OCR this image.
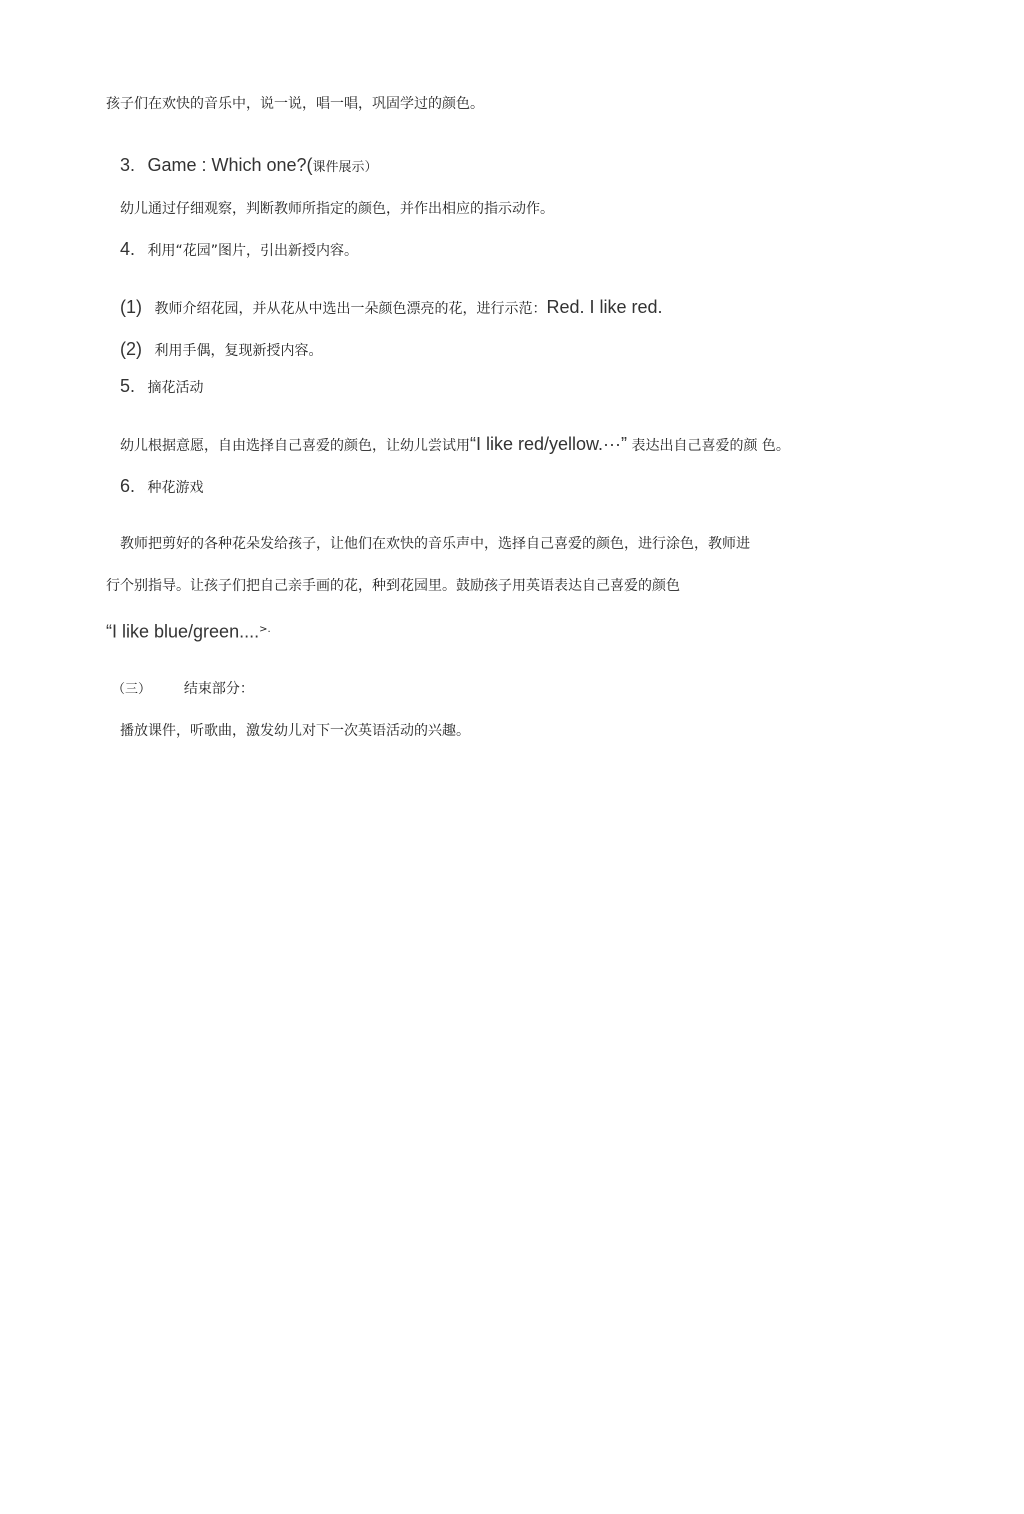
孩子们在欢快的音乐中，说一说，唱一唱，巩固学过的颜色。
3. Game : Which one?(课件展示）
幼儿通过仔细观察，判断教师所指定的颜色，并作出相应的指示动作。
4. 利用“花园”图片，引出新授内容。
(1) 教师介绍花园，并从花从中选出一朵颜色漂亮的花，进行示范：Red. I like red.
(2) 利用手偶，复现新授内容。
5. 摘花活动
幼儿根据意愿，自由选择自己喜爱的颜色，让幼儿尝试用“I like red/yellow.···” 表达出自己喜爱的颜 色。
6. 种花游戏
教师把剪好的各种花朵发给孩子，让他们在欢快的音乐声中，选择自己喜爱的颜色，进行涂色，教师进
行个别指导。让孩子们把自己亲手画的花，种到花园里。鼓励孩子用英语表达自己喜爱的颜色
“I like blue/green....>.
（三） 结束部分：
播放课件，听歌曲，激发幼儿对下一次英语活动的兴趣。
